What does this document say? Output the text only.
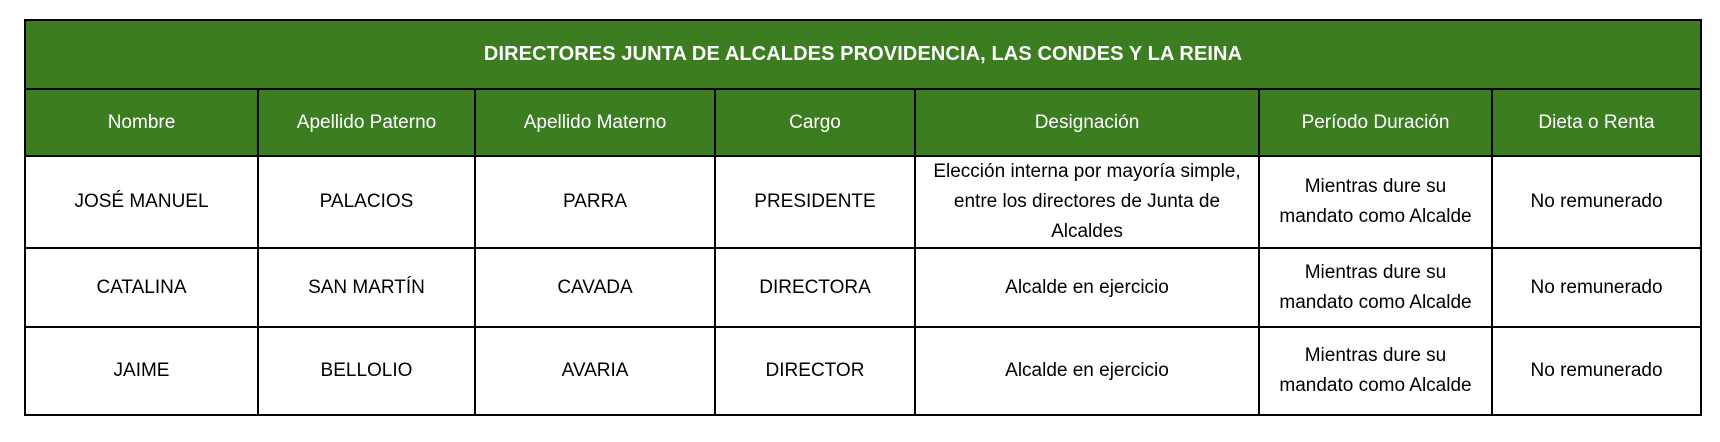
DIRECTORES JUNTA DE ALCALDES PROVIDENCIA, LAS CONDES Y LA REINA						
Nombre	Apellido Paterno	Apellido Materno	Cargo	Designación	Período Duración	Dieta o Renta
JOSÉ MANUEL	PALACIOS	PARRA	PRESIDENTE	Elección interna por mayoría simple, entre los directores de Junta de Alcaldes	Mientras dure su mandato como Alcalde	No remunerado
CATALINA	SAN MARTÍN	CAVADA	DIRECTORA	Alcalde en ejercicio	Mientras dure su mandato como Alcalde	No remunerado
JAIME	BELLOLIO	AVARIA	DIRECTOR	Alcalde en ejercicio	Mientras dure su mandato como Alcalde	No remunerado
